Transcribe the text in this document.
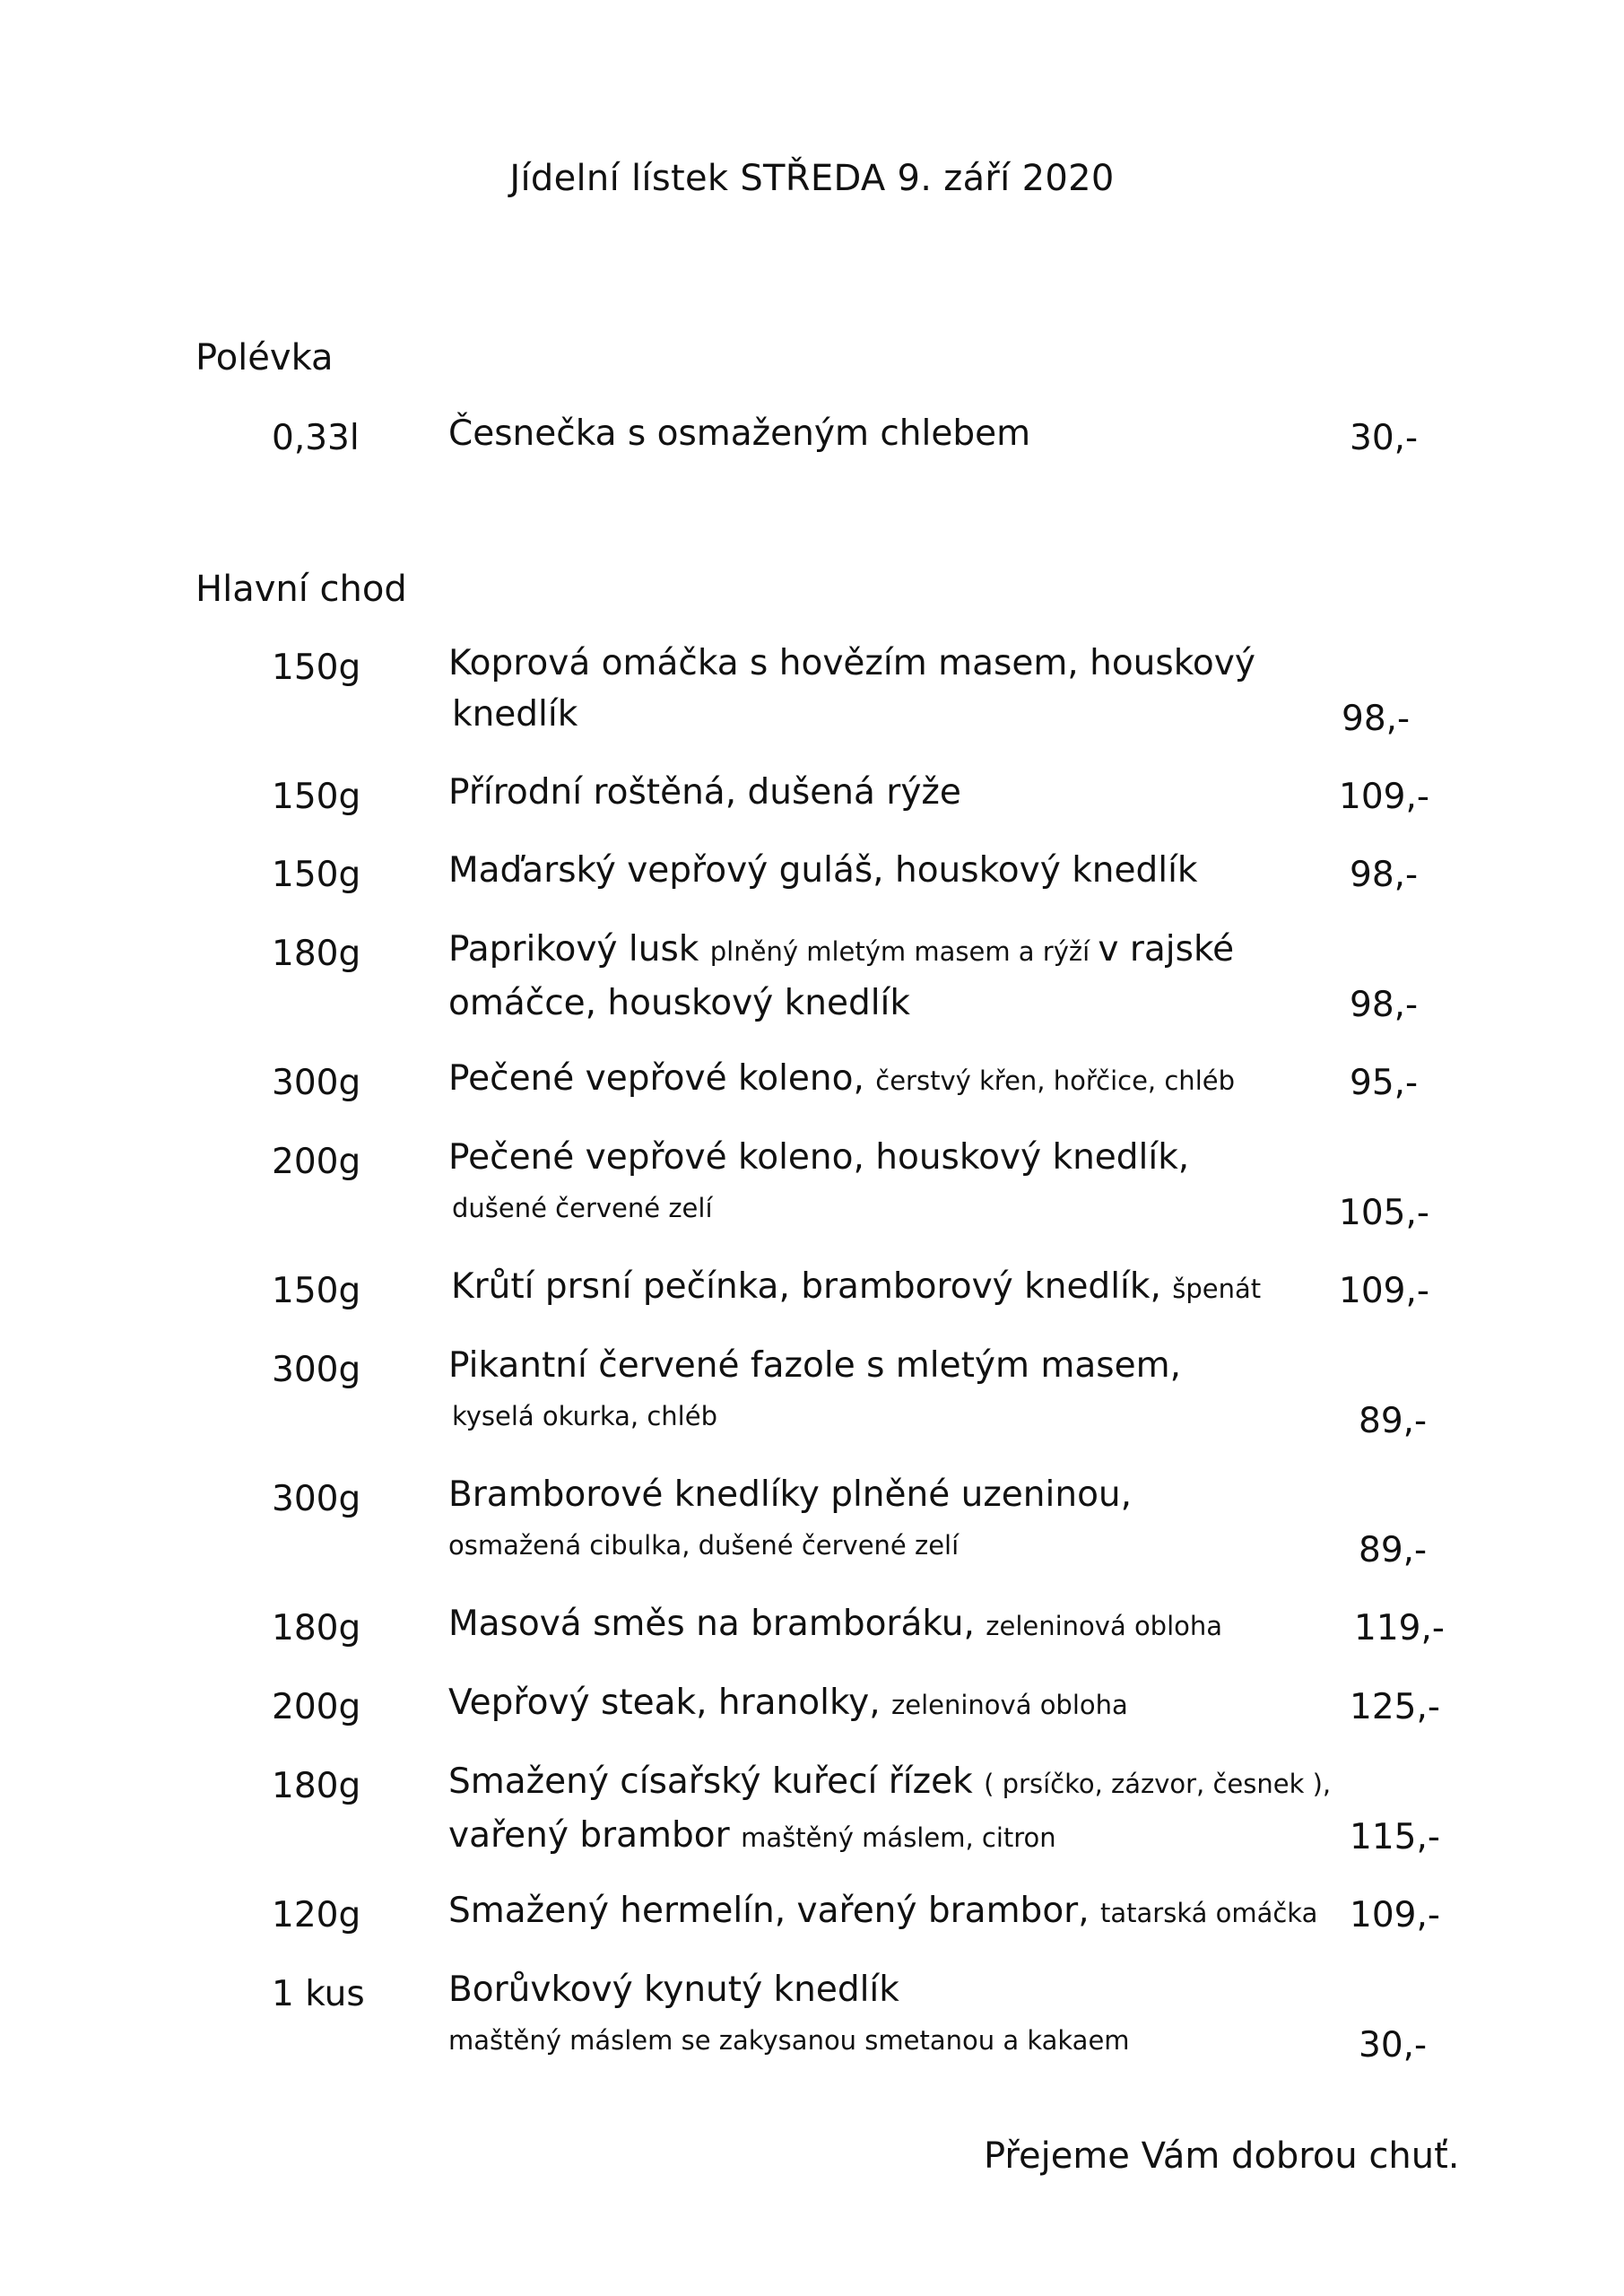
Jídelní lístek STŘEDA 9. září 2020
Polévka
0,33l	Česnečka s osmaženým chlebem	30,-
Hlavní chod
150g	Koprová omáčka s hovězím masem, houskový
knedlík	98,-
150g	Přírodní roštěná, dušená rýže	109,-
150g	Maďarský vepřový guláš, houskový knedlík	98,-
180g	Paprikový lusk plněný mletým masem a rýží v rajské
omáčce, houskový knedlík	98,-
300g	Pečené vepřové koleno, čerstvý křen, hořčice, chléb	95,-
200g	Pečené vepřové koleno, houskový knedlík,
dušené červené zelí	105,-
150g	Krůtí prsní pečínka, bramborový knedlík, špenát 109,-
300g	Pikantní červené fazole s mletým masem,
kyselá okurka, chléb	89,-
300g	Bramborové knedlíky plněné uzeninou,
osmažená cibulka, dušené červené zelí	89,-
180g	Masová směs na bramboráku, zeleninová obloha	119,-
200g	Vepřový steak, hranolky, zeleninová obloha	125,-
180g	Smažený císařský kuřecí řízek ( prsíčko, zázvor, česnek ),
vařený brambor maštěný máslem, citron	115,-
120g	Smažený hermelín, vařený brambor, tatarská omáčka 109,-
1 kus Borůvkový kynutý knedlík
maštěný máslem se zakysanou smetanou a kakaem	30,-
Přejeme Vám dobrou chuť.
